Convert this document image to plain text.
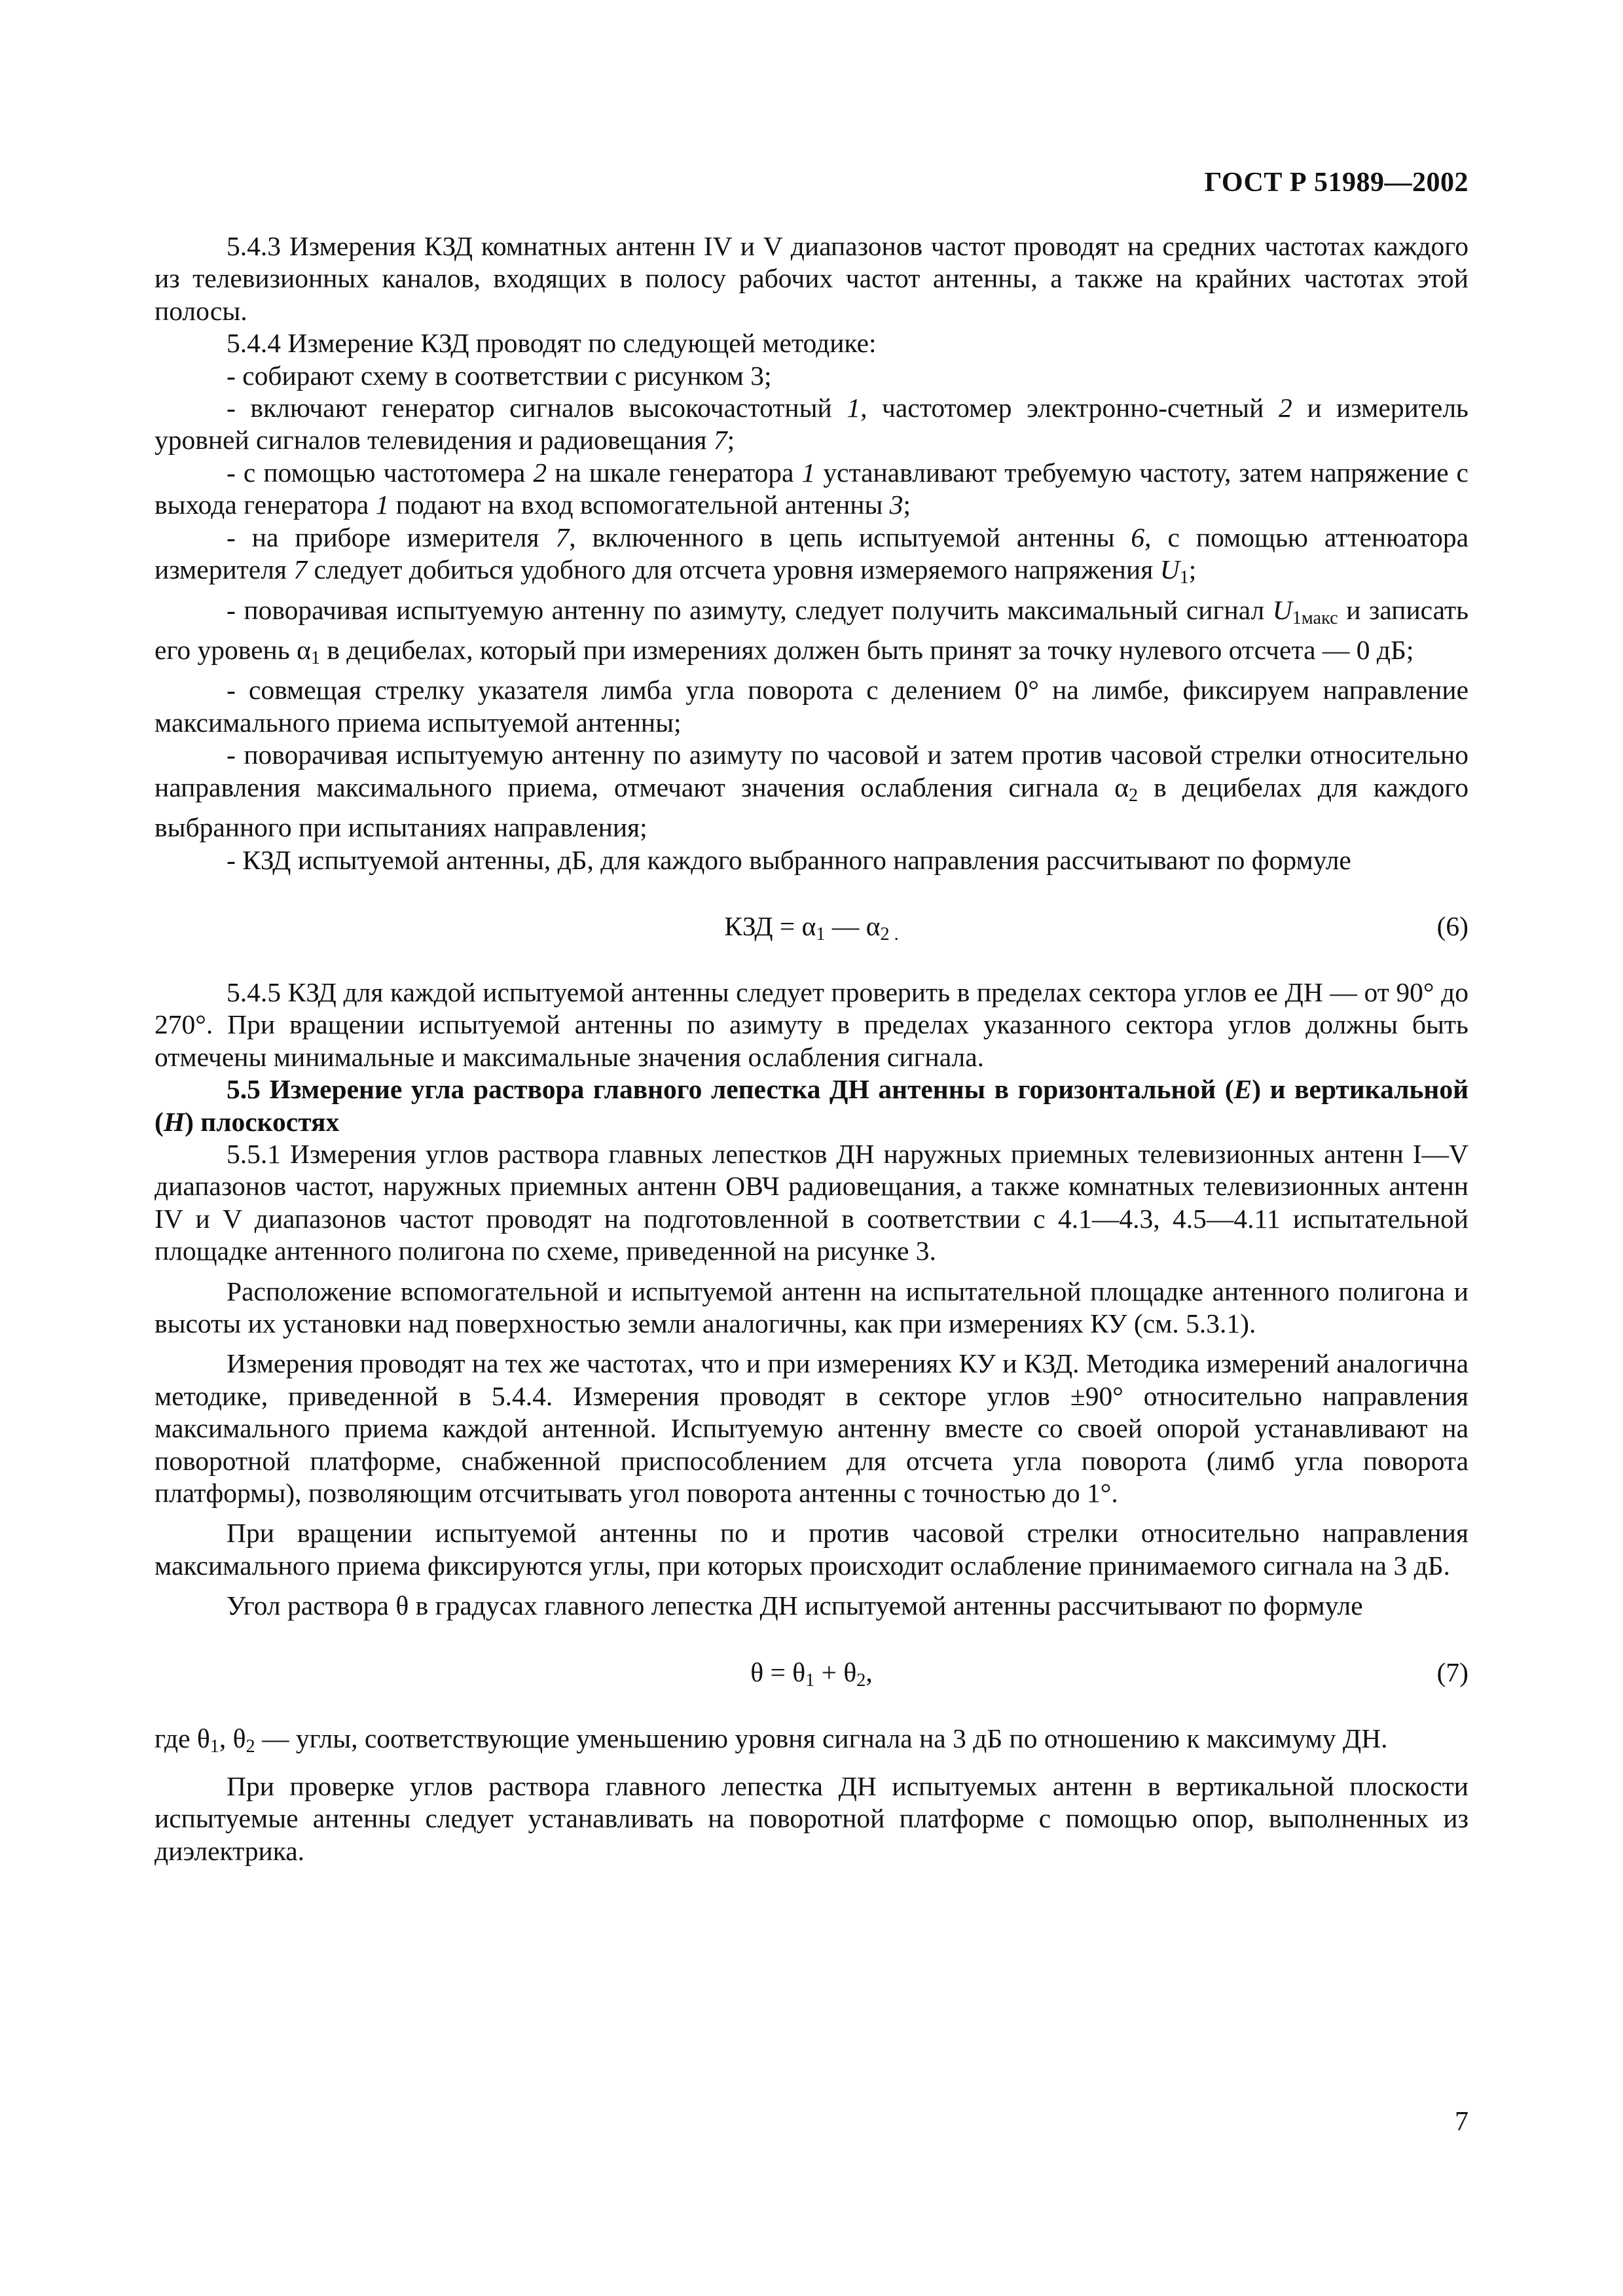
ГОСТ Р 51989—2002

5.4.3 Измерения КЗД комнатных антенн IV и V диапазонов частот проводят на средних частотах каждого из телевизионных каналов, входящих в полосу рабочих частот антенны, а также на крайних частотах этой полосы.

5.4.4 Измерение КЗД проводят по следующей методике:

- собирают схему в соответствии с рисунком 3;

- включают генератор сигналов высокочастотный 1, частотомер электронно-счетный 2 и измеритель уровней сигналов телевидения и радиовещания 7;

- с помощью частотомера 2 на шкале генератора 1 устанавливают требуемую частоту, затем напряжение с выхода генератора 1 подают на вход вспомогательной антенны 3;

- на приборе измерителя 7, включенного в цепь испытуемой антенны 6, с помощью аттенюатора измерителя 7 следует добиться удобного для отсчета уровня измеряемого напряжения $U_1$;

- поворачивая испытуемую антенну по азимуту, следует получить максимальный сигнал $U_{1макс}$ и записать его уровень $\alpha_1$ в децибелах, который при измерениях должен быть принят за точку нулевого отсчета — 0 дБ;

- совмещая стрелку указателя лимба угла поворота с делением 0° на лимбе, фиксируем направление максимального приема испытуемой антенны;

- поворачивая испытуемую антенну по азимуту по часовой и затем против часовой стрелки относительно направления максимального приема, отмечают значения ослабления сигнала $\alpha_2$ в децибелах для каждого выбранного при испытаниях направления;

- КЗД испытуемой антенны, дБ, для каждого выбранного направления рассчитывают по формуле

КЗД = $\alpha_1$ — $\alpha_{2 .}$	(6)

5.4.5 КЗД для каждой испытуемой антенны следует проверить в пределах сектора углов ее ДН — от 90° до 270°. При вращении испытуемой антенны по азимуту в пределах указанного сектора углов должны быть отмечены минимальные и максимальные значения ослабления сигнала.

5.5 Измерение угла раствора главного лепестка ДН антенны в горизонтальной (E) и вертикальной (H) плоскостях

5.5.1 Измерения углов раствора главных лепестков ДН наружных приемных телевизионных антенн I—V диапазонов частот, наружных приемных антенн ОВЧ радиовещания, а также комнатных телевизионных антенн IV и V диапазонов частот проводят на подготовленной в соответствии с 4.1—4.3, 4.5—4.11 испытательной площадке антенного полигона по схеме, приведенной на рисунке 3.

Расположение вспомогательной и испытуемой антенн на испытательной площадке антенного полигона и высоты их установки над поверхностью земли аналогичны, как при измерениях КУ (см. 5.3.1).

Измерения проводят на тех же частотах, что и при измерениях КУ и КЗД. Методика измерений аналогична методике, приведенной в 5.4.4. Измерения проводят в секторе углов ±90° относительно направления максимального приема каждой антенной. Испытуемую антенну вместе со своей опорой устанавливают на поворотной платформе, снабженной приспособлением для отсчета угла поворота (лимб угла поворота платформы), позволяющим отсчитывать угол поворота антенны с точностью до 1°.

При вращении испытуемой антенны по и против часовой стрелки относительно направления максимального приема фиксируются углы, при которых происходит ослабление принимаемого сигнала на 3 дБ.

Угол раствора θ в градусах главного лепестка ДН испытуемой антенны рассчитывают по формуле

$\theta = \theta_1 + \theta_2$,	(7)

где $\theta_1$, $\theta_2$ — углы, соответствующие уменьшению уровня сигнала на 3 дБ по отношению к максимуму ДН.

При проверке углов раствора главного лепестка ДН испытуемых антенн в вертикальной плоскости испытуемые антенны следует устанавливать на поворотной платформе с помощью опор, выполненных из диэлектрика.

7
